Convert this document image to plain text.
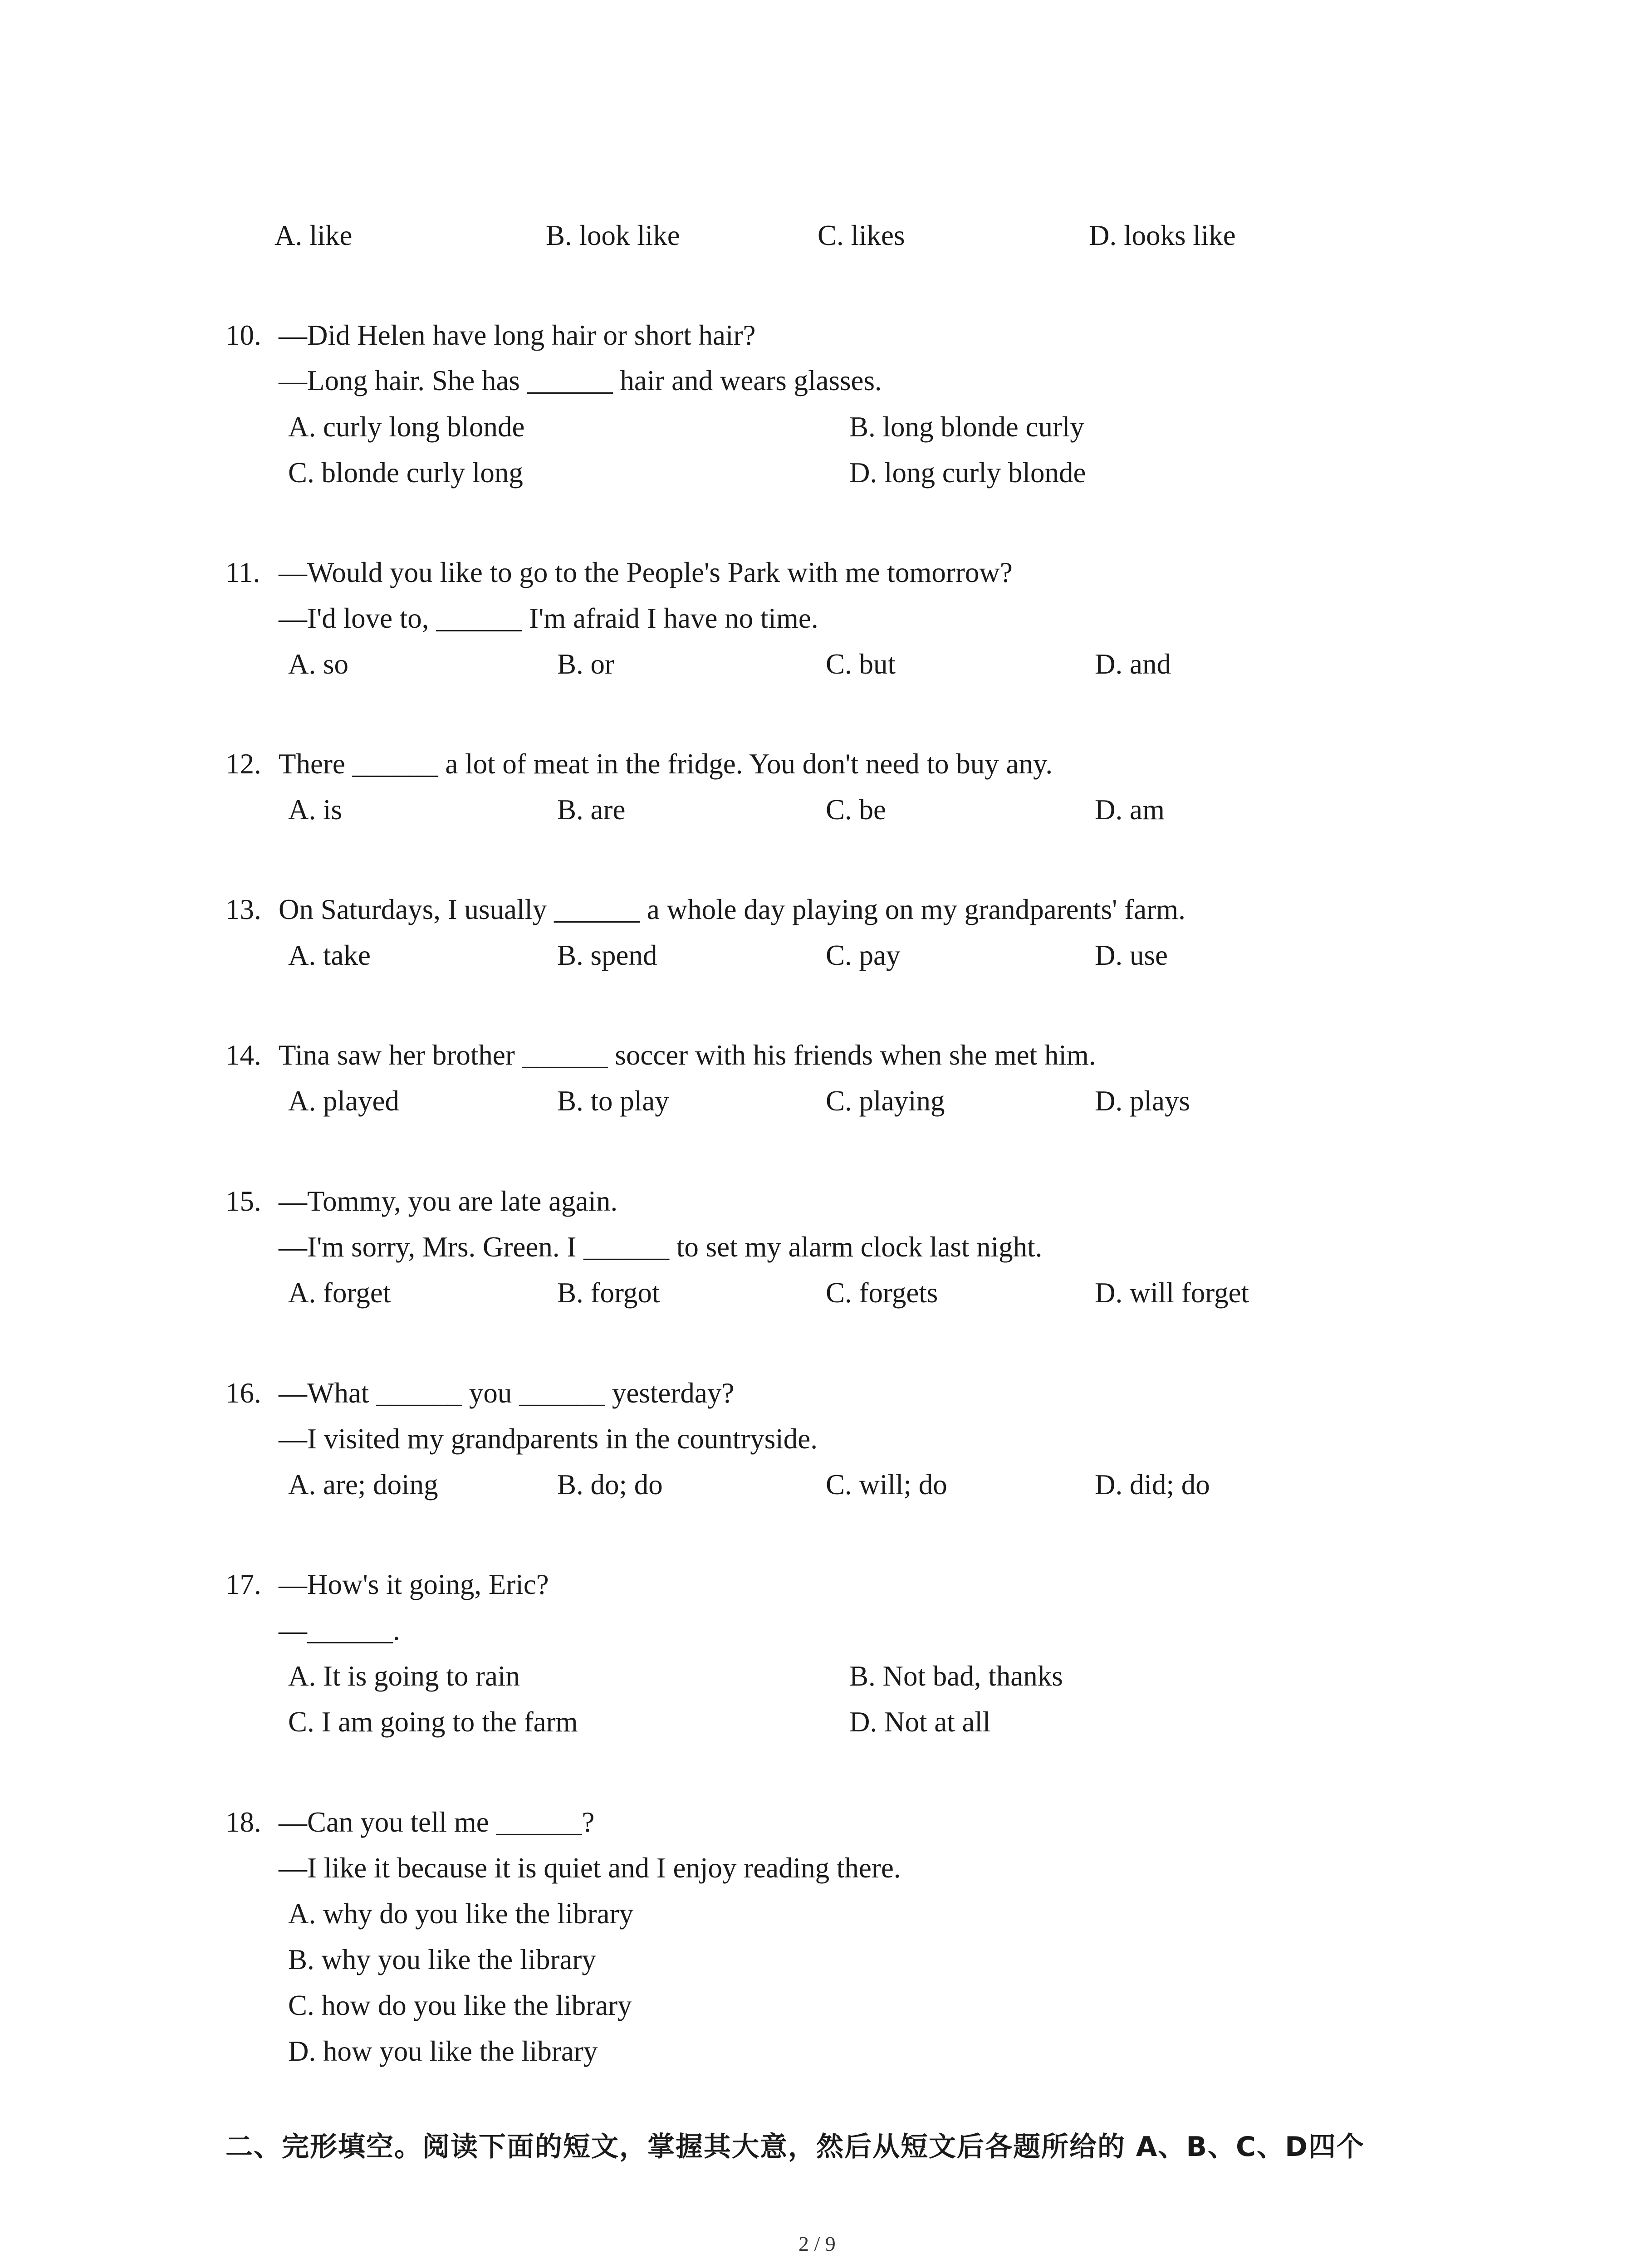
A. like	B. look like	C. likes	D. looks like
10. —Did Helen have long hair or short hair?
—Long hair. She has ______ hair and wears glasses.
A. curly long blonde	B. long blonde curly
C. blonde curly long	D. long curly blonde
11. —Would you like to go to the People's Park with me tomorrow?
—I'd love to, ______ I'm afraid I have no time.
A. so	B. or	C. but	D. and
12. There ______ a lot of meat in the fridge. You don't need to buy any.
A. is	B. are	C. be	D. am
13. On Saturdays, I usually ______ a whole day playing on my grandparents' farm.
A. take	B. spend	C. pay	D. use
14. Tina saw her brother ______ soccer with his friends when she met him.
A. played	B. to play	C. playing	D. plays
15. —Tommy, you are late again.
—I'm sorry, Mrs. Green. I ______ to set my alarm clock last night.
A. forget	B. forgot	C. forgets	D. will forget
16. —What ______ you ______ yesterday?
—I visited my grandparents in the countryside.
A. are; doing	B. do; do	C. will; do	D. did; do
17. —How's it going, Eric?
—______.
A. It is going to rain	B. Not bad, thanks
C. I am going to the farm	D. Not at all
18. —Can you tell me ______?
—I like it because it is quiet and I enjoy reading there.
A. why do you like the library
B. why you like the library
C. how do you like the library
D. how you like the library
二、完形填空。阅读下面的短文，掌握其大意，然后从短文后各题所给的 A、B、C、D四个
2 / 9
